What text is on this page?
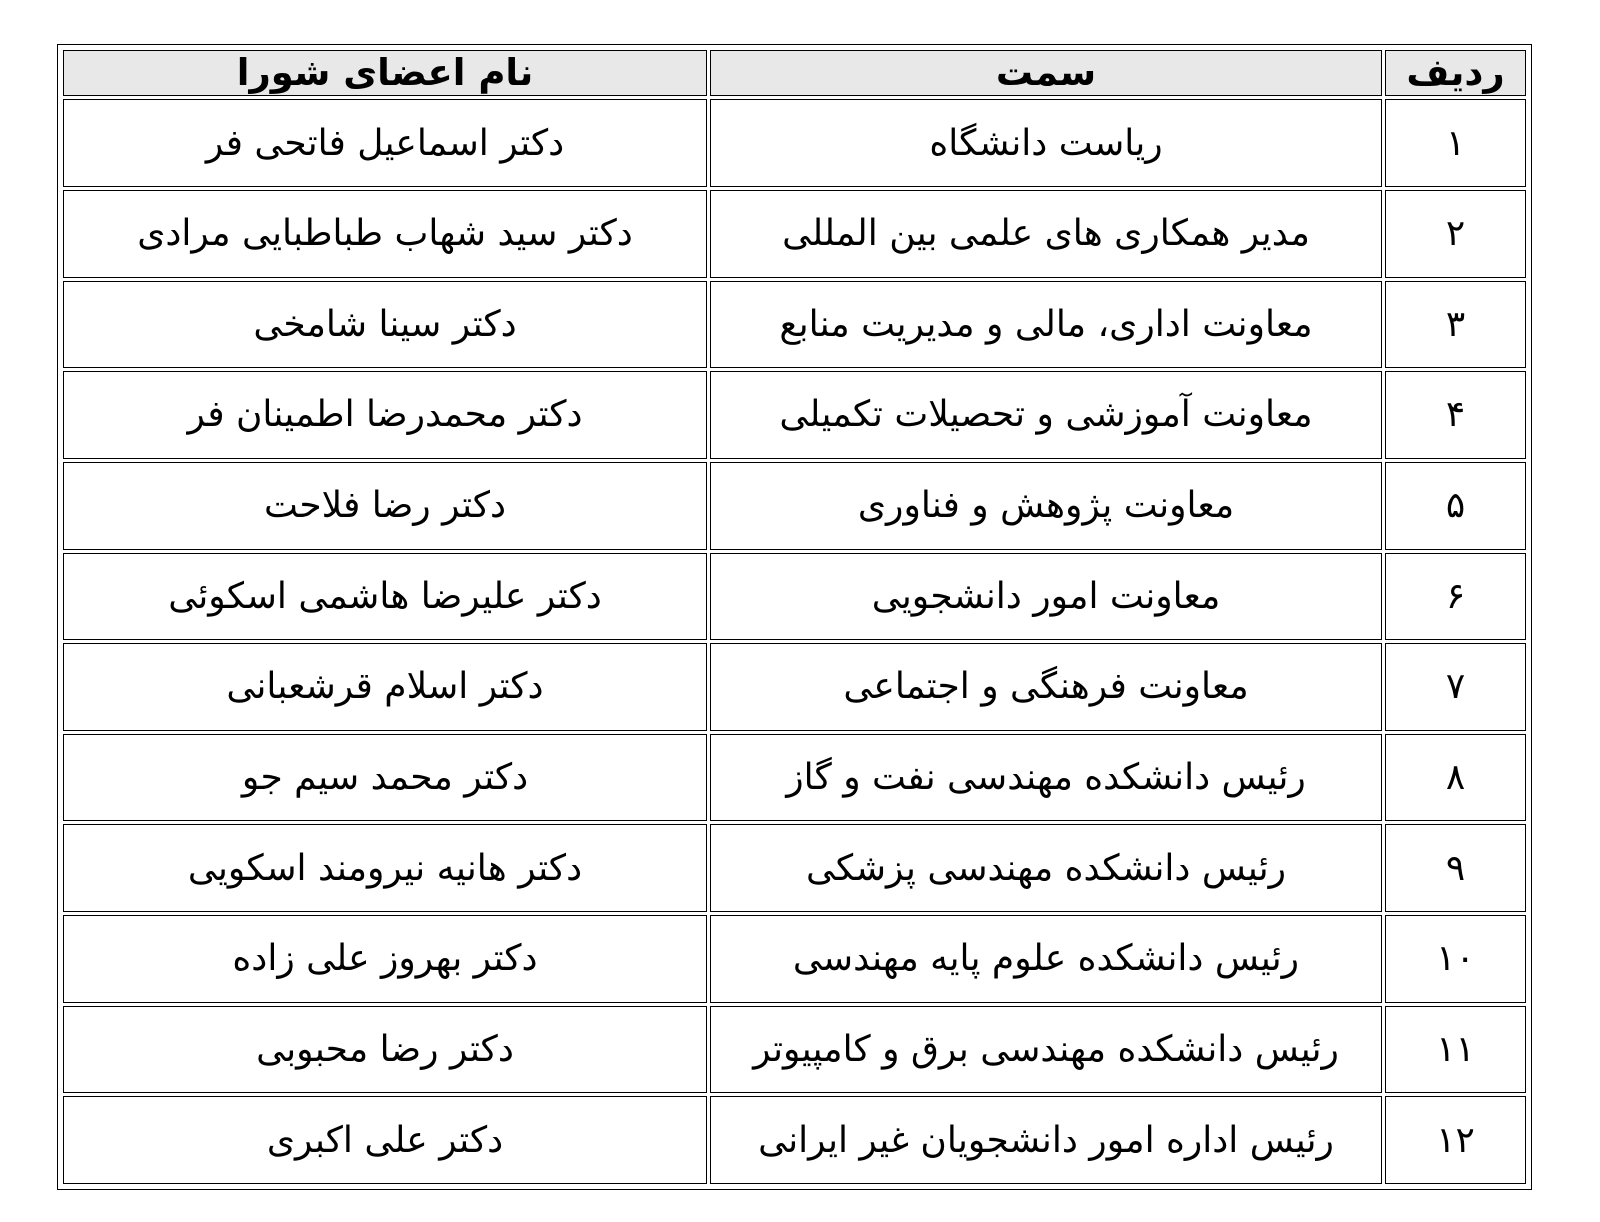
ردیف	سمت	نام اعضای شورا
۱	ریاست دانشگاه	دکتر اسماعیل فاتحی فر
۲	مدیر همکاری های علمی بین المللی	دکتر سید شهاب طباطبایی مرادی
۳	معاونت اداری، مالی و مدیریت منابع	دکتر سینا شامخی
۴	معاونت آموزشی و تحصیلات تکمیلی	دکتر محمدرضا اطمینان فر
۵	معاونت پژوهش و فناوری	دکتر رضا فلاحت
۶	معاونت امور دانشجویی	دکتر علیرضا هاشمی اسکوئی
۷	معاونت فرهنگی و اجتماعی	دکتر اسلام قرشعبانی
۸	رئیس دانشکده مهندسی نفت و گاز	دکتر محمد سیم جو
۹	رئیس دانشکده مهندسی پزشکی	دکتر هانیه نیرومند اسکویی
۱۰	رئیس دانشکده علوم پایه مهندسی	دکتر بهروز علی زاده
۱۱	رئیس دانشکده مهندسی برق و کامپیوتر	دکتر رضا محبوبی
۱۲	رئیس اداره امور دانشجویان غیر ایرانی	دکتر علی اکبری
